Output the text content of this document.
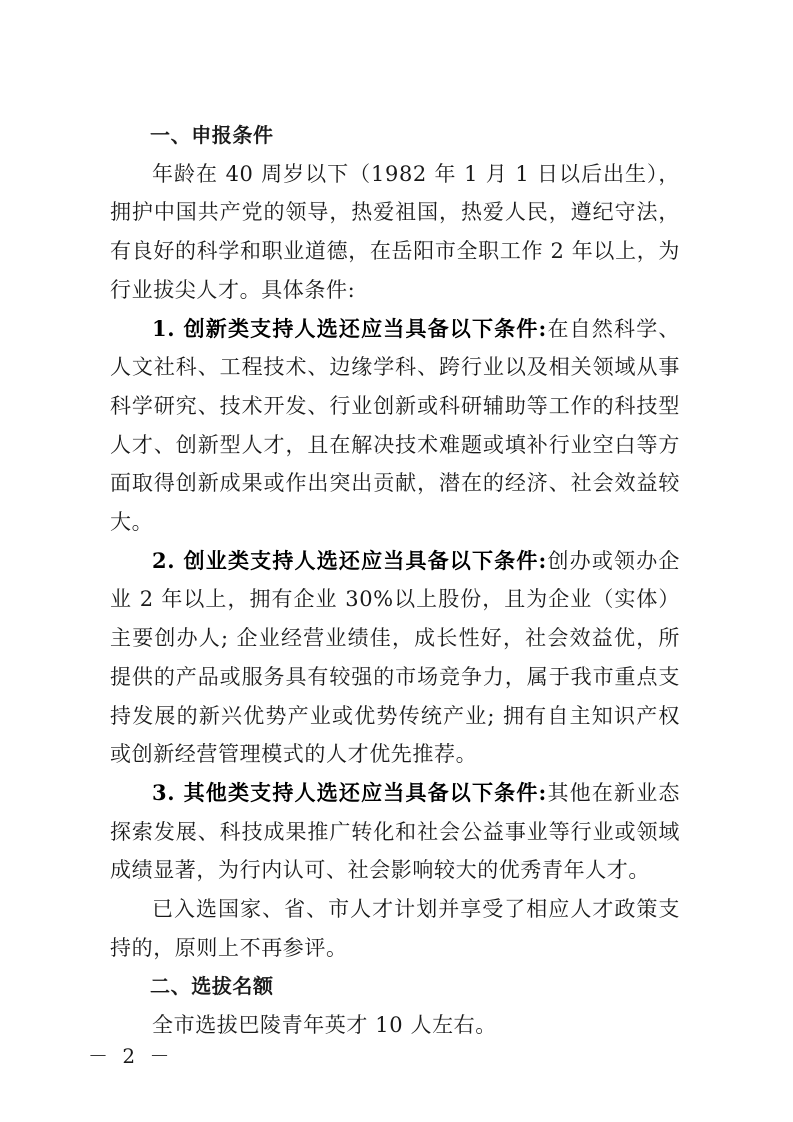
一、申报条件

年龄在 40 周岁以下（1982 年 1 月 1 日以后出生），拥护中国共产党的领导，热爱祖国，热爱人民，遵纪守法，有良好的科学和职业道德，在岳阳市全职工作 2 年以上，为行业拔尖人才。具体条件:

1. 创新类支持人选还应当具备以下条件:在自然科学、人文社科、工程技术、边缘学科、跨行业以及相关领域从事科学研究、技术开发、行业创新或科研辅助等工作的科技型人才、创新型人才，且在解决技术难题或填补行业空白等方面取得创新成果或作出突出贡献，潜在的经济、社会效益较大。

2. 创业类支持人选还应当具备以下条件:创办或领办企业 2 年以上，拥有企业 30%以上股份，且为企业（实体）主要创办人; 企业经营业绩佳，成长性好，社会效益优，所提供的产品或服务具有较强的市场竞争力，属于我市重点支持发展的新兴优势产业或优势传统产业; 拥有自主知识产权或创新经营管理模式的人才优先推荐。

3. 其他类支持人选还应当具备以下条件:其他在新业态探索发展、科技成果推广转化和社会公益事业等行业或领域成绩显著，为行内认可、社会影响较大的优秀青年人才。

已入选国家、省、市人才计划并享受了相应人才政策支持的，原则上不再参评。

二、选拔名额

全市选拔巴陵青年英才 10 人左右。

－ 2 －
